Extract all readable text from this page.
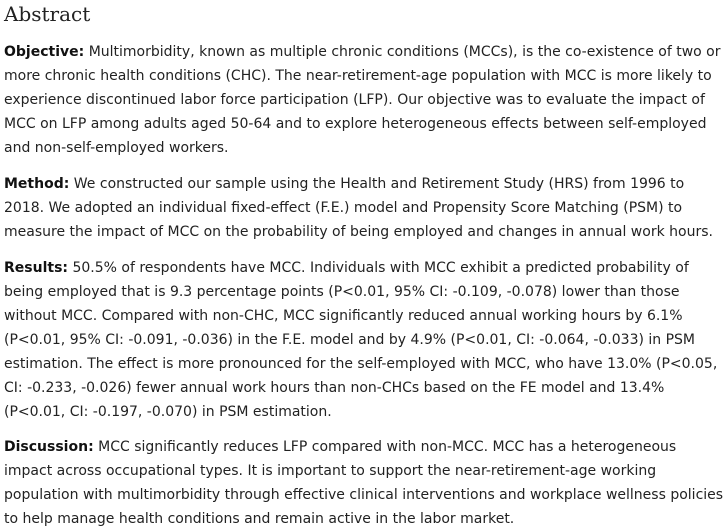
Abstract

Objective: Multimorbidity, known as multiple chronic conditions (MCCs), is the co-existence of two or more chronic health conditions (CHC). The near-retirement-age population with MCC is more likely to experience discontinued labor force participation (LFP). Our objective was to evaluate the impact of MCC on LFP among adults aged 50-64 and to explore heterogeneous effects between self-employed and non-self-employed workers.

Method: We constructed our sample using the Health and Retirement Study (HRS) from 1996 to 2018. We adopted an individual fixed-effect (F.E.) model and Propensity Score Matching (PSM) to measure the impact of MCC on the probability of being employed and changes in annual work hours.

Results: 50.5% of respondents have MCC. Individuals with MCC exhibit a predicted probability of being employed that is 9.3 percentage points (P<0.01, 95% CI: -0.109, -0.078) lower than those without MCC. Compared with non-CHC, MCC significantly reduced annual working hours by 6.1% (P<0.01, 95% CI: -0.091, -0.036) in the F.E. model and by 4.9% (P<0.01, CI: -0.064, -0.033) in PSM estimation. The effect is more pronounced for the self-employed with MCC, who have 13.0% (P<0.05, CI: -0.233, -0.026) fewer annual work hours than non-CHCs based on the FE model and 13.4% (P<0.01, CI: -0.197, -0.070) in PSM estimation.

Discussion: MCC significantly reduces LFP compared with non-MCC. MCC has a heterogeneous impact across occupational types. It is important to support the near-retirement-age working population with multimorbidity through effective clinical interventions and workplace wellness policies to help manage health conditions and remain active in the labor market.
